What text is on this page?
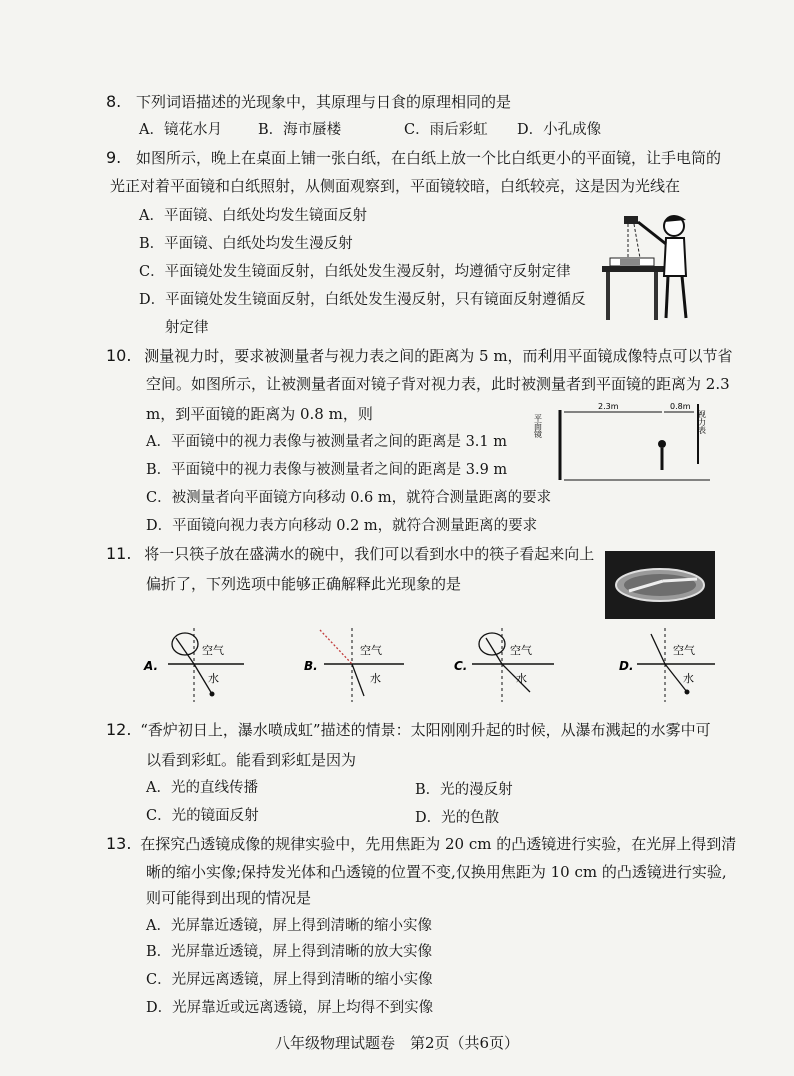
8. 下列词语描述的光现象中，其原理与日食的原理相同的是
A．镜花水月 B．海市蜃楼	C．雨后彩虹 D．小孔成像
9. 如图所示，晚上在桌面上铺一张白纸，在白纸上放一个比白纸更小的平面镜，让手电筒的
光正对着平面镜和白纸照射，从侧面观察到，平面镜较暗，白纸较亮，这是因为光线在
A．平面镜、白纸处均发生镜面反射
B．平面镜、白纸处均发生漫反射
C．平面镜处发生镜面反射，白纸处发生漫反射，均遵循守反射定律
D．平面镜处发生镜面反射，白纸处发生漫反射，只有镜面反射遵循反
射定律
10. 测量视力时，要求被测量者与视力表之间的距离为 5 m，而利用平面镜成像特点可以节省
空间。如图所示，让被测量者面对镜子背对视力表，此时被测量者到平面镜的距离为 2.3
m，到平面镜的距离为 0.8 m，则
A．平面镜中的视力表像与被测量者之间的距离是 3.1 m
B．平面镜中的视力表像与被测量者之间的距离是 3.9 m
C．被测量者向平面镜方向移动 0.6 m，就符合测量距离的要求
D．平面镜向视力表方向移动 0.2 m，就符合测量距离的要求
平面镜
2.3m	0.8m
视力表
11. 将一只筷子放在盛满水的碗中，我们可以看到水中的筷子看起来向上
偏折了，下列选项中能够正确解释此光现象的是
A.
空气
水
B.
空气
水
C.
空气
水
D.
空气
水
12. “香炉初日上，瀑水喷成虹”描述的情景：太阳刚刚升起的时候，从瀑布溅起的水雾中可
以看到彩虹。能看到彩虹是因为
A．光的直线传播	B．光的漫反射
C．光的镜面反射	D．光的色散
13. 在探究凸透镜成像的规律实验中，先用焦距为 20 cm 的凸透镜进行实验，在光屏上得到清
晰的缩小实像;保持发光体和凸透镜的位置不变,仅换用焦距为 10 cm 的凸透镜进行实验,
则可能得到出现的情况是
A．光屏靠近透镜，屏上得到清晰的缩小实像
B．光屏靠近透镜，屏上得到清晰的放大实像
C．光屏远离透镜，屏上得到清晰的缩小实像
D．光屏靠近或远离透镜，屏上均得不到实像
八年级物理试题卷　第2页（共6页）
